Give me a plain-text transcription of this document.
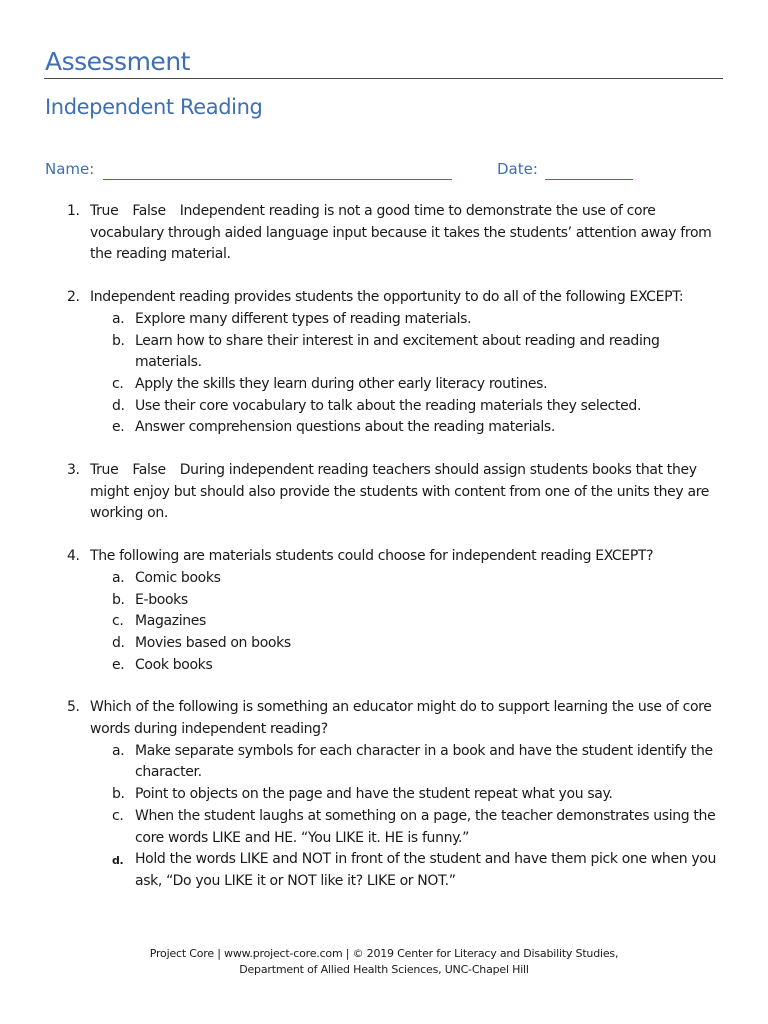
Assessment
Independent Reading
Name:	Date:
1. True False Independent reading is not a good time to demonstrate the use of core vocabulary through aided language input because it takes the students’ attention away from the reading material.
2. Independent reading provides students the opportunity to do all of the following EXCEPT:
a. Explore many different types of reading materials.
b. Learn how to share their interest in and excitement about reading and reading materials.
c. Apply the skills they learn during other early literacy routines.
d. Use their core vocabulary to talk about the reading materials they selected.
e. Answer comprehension questions about the reading materials.
3. True False During independent reading teachers should assign students books that they might enjoy but should also provide the students with content from one of the units they are working on.
4. The following are materials students could choose for independent reading EXCEPT?
a. Comic books
b. E-books
c. Magazines
d. Movies based on books
e. Cook books
5. Which of the following is something an educator might do to support learning the use of core words during independent reading?
a. Make separate symbols for each character in a book and have the student identify the character.
b. Point to objects on the page and have the student repeat what you say.
c. When the student laughs at something on a page, the teacher demonstrates using the core words LIKE and HE. “You LIKE it. HE is funny.”
d. Hold the words LIKE and NOT in front of the student and have them pick one when you ask, “Do you LIKE it or NOT like it? LIKE or NOT.”
Project Core | www.project-core.com | © 2019 Center for Literacy and Disability Studies,
Department of Allied Health Sciences, UNC-Chapel Hill
